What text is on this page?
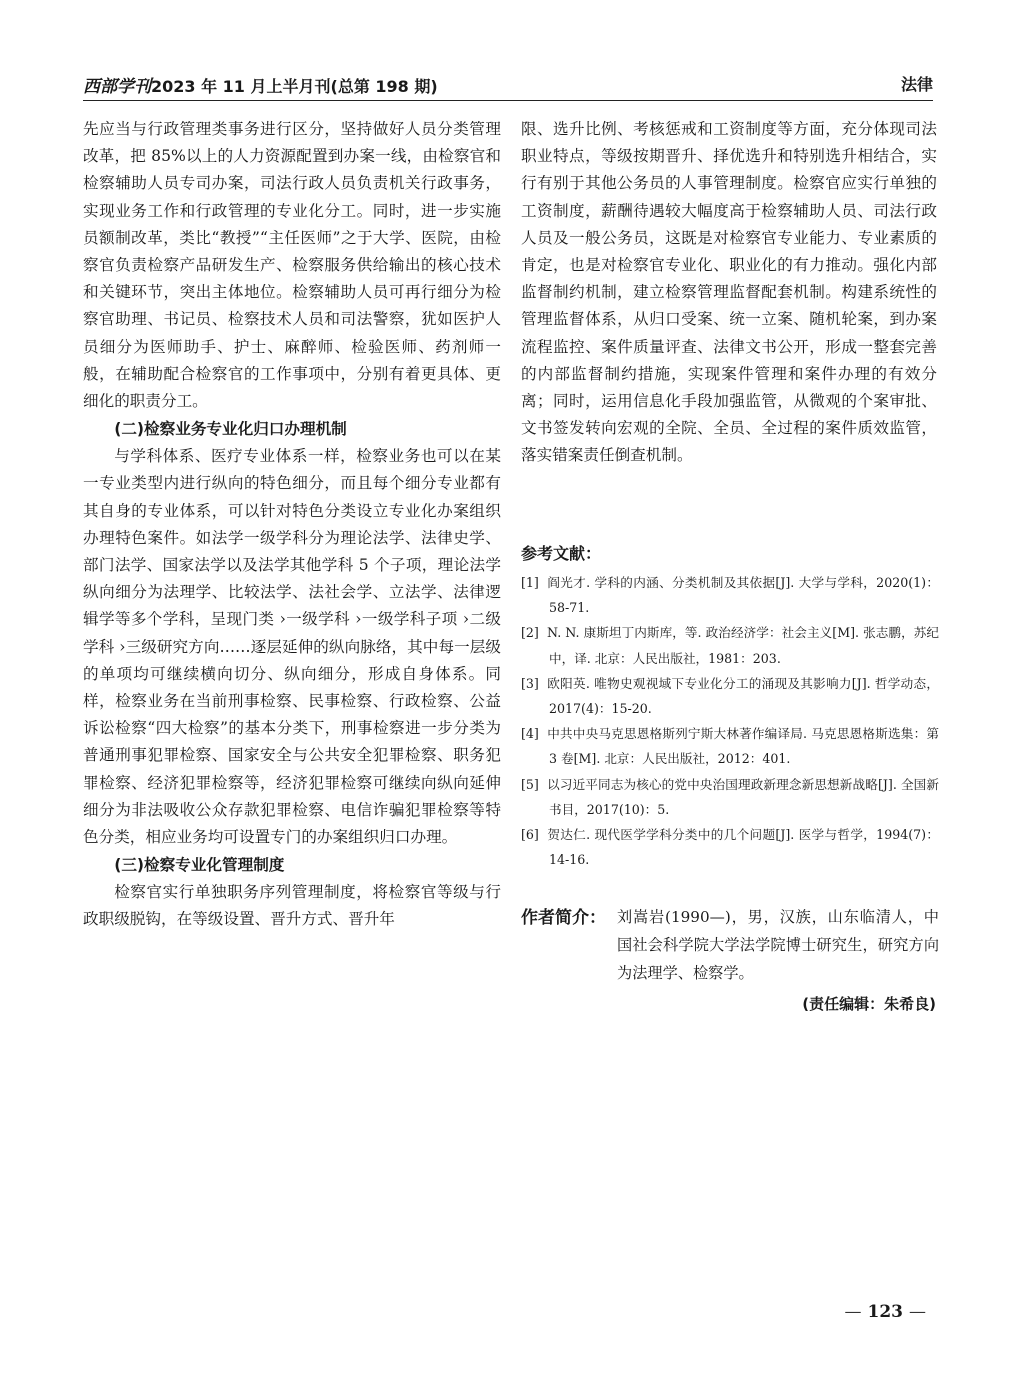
西部学刊2023 年 11 月上半月刊(总第 198 期)	法律

先应当与行政管理类事务进行区分，坚持做好人员分类管理改革，把 85%以上的人力资源配置到办案一线，由检察官和检察辅助人员专司办案，司法行政人员负责机关行政事务，实现业务工作和行政管理的专业化分工。同时，进一步实施员额制改革，类比“教授”“主任医师”之于大学、医院，由检察官负责检察产品研发生产、检察服务供给输出的核心技术和关键环节，突出主体地位。检察辅助人员可再行细分为检察官助理、书记员、检察技术人员和司法警察，犹如医护人员细分为医师助手、护士、麻醉师、检验医师、药剂师一般，在辅助配合检察官的工作事项中，分别有着更具体、更细化的职责分工。

(二)检察业务专业化归口办理机制

与学科体系、医疗专业体系一样，检察业务也可以在某一专业类型内进行纵向的特色细分，而且每个细分专业都有其自身的专业体系，可以针对特色分类设立专业化办案组织办理特色案件。如法学一级学科分为理论法学、法律史学、部门法学、国家法学以及法学其他学科 5 个子项，理论法学纵向细分为法理学、比较法学、法社会学、立法学、法律逻辑学等多个学科，呈现门类 ›一级学科 ›一级学科子项 ›二级学科 ›三级研究方向……逐层延伸的纵向脉络，其中每一层级的单项均可继续横向切分、纵向细分，形成自身体系。同样，检察业务在当前刑事检察、民事检察、行政检察、公益诉讼检察“四大检察”的基本分类下，刑事检察进一步分类为普通刑事犯罪检察、国家安全与公共安全犯罪检察、职务犯罪检察、经济犯罪检察等，经济犯罪检察可继续向纵向延伸细分为非法吸收公众存款犯罪检察、电信诈骗犯罪检察等特色分类，相应业务均可设置专门的办案组织归口办理。

(三)检察专业化管理制度

检察官实行单独职务序列管理制度，将检察官等级与行政职级脱钩，在等级设置、晋升方式、晋升年

限、选升比例、考核惩戒和工资制度等方面，充分体现司法职业特点，等级按期晋升、择优选升和特别选升相结合，实行有别于其他公务员的人事管理制度。检察官应实行单独的工资制度，薪酬待遇较大幅度高于检察辅助人员、司法行政人员及一般公务员，这既是对检察官专业能力、专业素质的肯定，也是对检察官专业化、职业化的有力推动。强化内部监督制约机制，建立检察管理监督配套机制。构建系统性的管理监督体系，从归口受案、统一立案、随机轮案，到办案流程监控、案件质量评查、法律文书公开，形成一整套完善的内部监督制约措施，实现案件管理和案件办理的有效分离；同时，运用信息化手段加强监管，从微观的个案审批、文书签发转向宏观的全院、全员、全过程的案件质效监管，落实错案责任倒查机制。

参考文献：
[1] 阎光才. 学科的内涵、分类机制及其依据[J]. 大学与学科，2020(1)：58-71.
[2] N. N. 康斯坦丁内斯库，等. 政治经济学：社会主义[M]. 张志鹏，苏纪中，译. 北京：人民出版社，1981：203.
[3] 欧阳英. 唯物史观视域下专业化分工的涌现及其影响力[J]. 哲学动态，2017(4)：15-20.
[4] 中共中央马克思恩格斯列宁斯大林著作编译局. 马克思恩格斯选集：第 3 卷[M]. 北京：人民出版社，2012：401.
[5] 以习近平同志为核心的党中央治国理政新理念新思想新战略[J]. 全国新书目，2017(10)：5.
[6] 贺达仁. 现代医学学科分类中的几个问题[J]. 医学与哲学，1994(7)：14-16.
作者简介： 刘嵩岩(1990—)，男，汉族，山东临清人，中国社会科学院大学法学院博士研究生，研究方向为法理学、检察学。
(责任编辑：朱希良)
— 123 —
